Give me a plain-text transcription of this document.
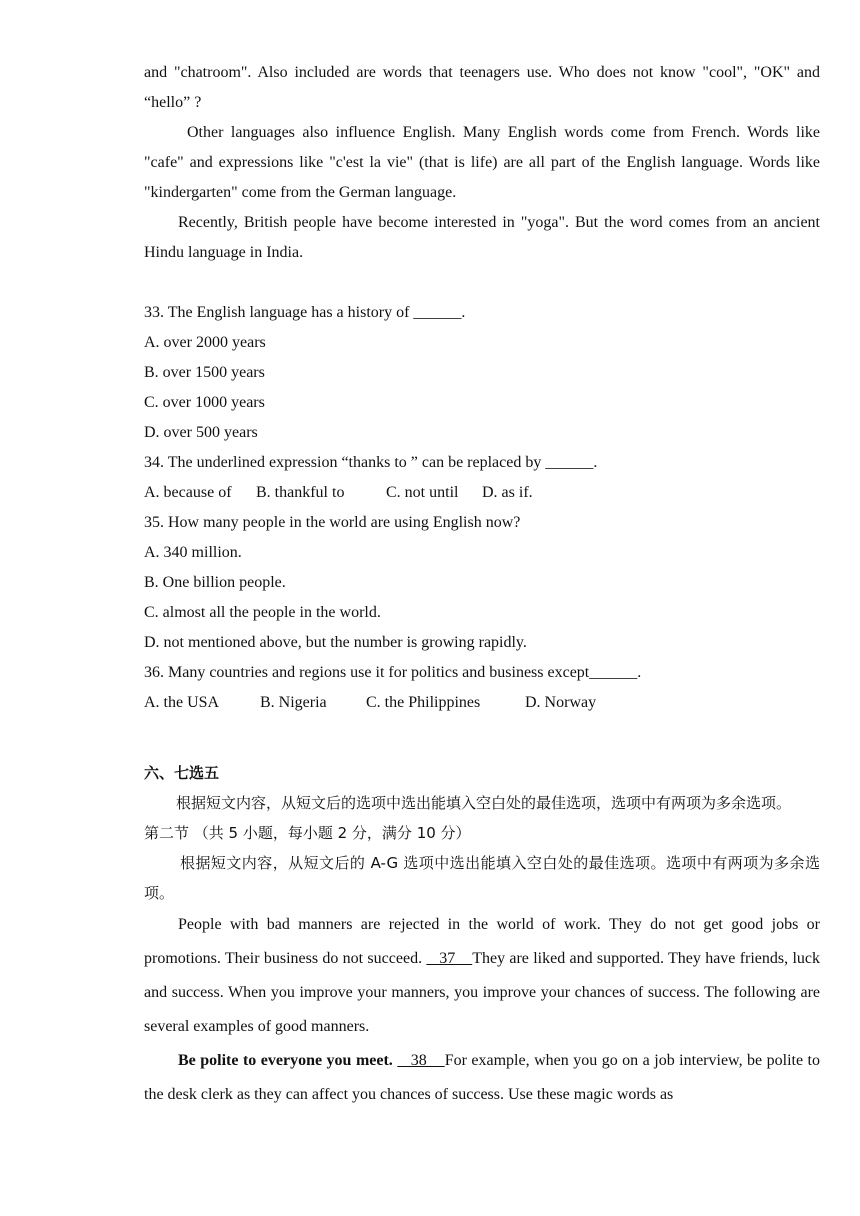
and "chatroom". Also included are words that teenagers use. Who does not know "cool", "OK" and “hello” ?

Other languages also influence English. Many English words come from French. Words like "cafe" and expressions like "c'est la vie" (that is life) are all part of the English language. Words like "kindergarten" come from the German language.

Recently, British people have become interested in "yoga". But the word comes from an ancient Hindu language in India.

33. The English language has a history of ______.

A. over 2000 years

B. over 1500 years

C. over 1000 years

D. over 500 years

34. The underlined expression “thanks to ” can be replaced by ______.

A. because of B. thankful to	C. not until D. as if.

35. How many people in the world are using English now?

A. 340 million.

B. One billion people.

C. almost all the people in the world.

D. not mentioned above, but the number is growing rapidly.

36. Many countries and regions use it for politics and business except______.

A. the USA	B. Nigeria C. the Philippines	D. Norway

六、七选五

根据短文内容，从短文后的选项中选出能填入空白处的最佳选项，选项中有两项为多余选项。

第二节 （共 5 小题，每小题 2 分，满分 10 分）

根据短文内容，从短文后的 A-G 选项中选出能填入空白处的最佳选项。选项中有两项为多余选项。

People with bad manners are rejected in the world of work. They do not get good jobs or promotions. Their business do not succeed.    37    They are liked and supported. They have friends, luck and success. When you improve your manners, you improve your chances of success. The following are several examples of good manners.

Be polite to everyone you meet.    38    For example, when you go on a job interview, be polite to the desk clerk as they can affect you chances of success. Use these magic words as
